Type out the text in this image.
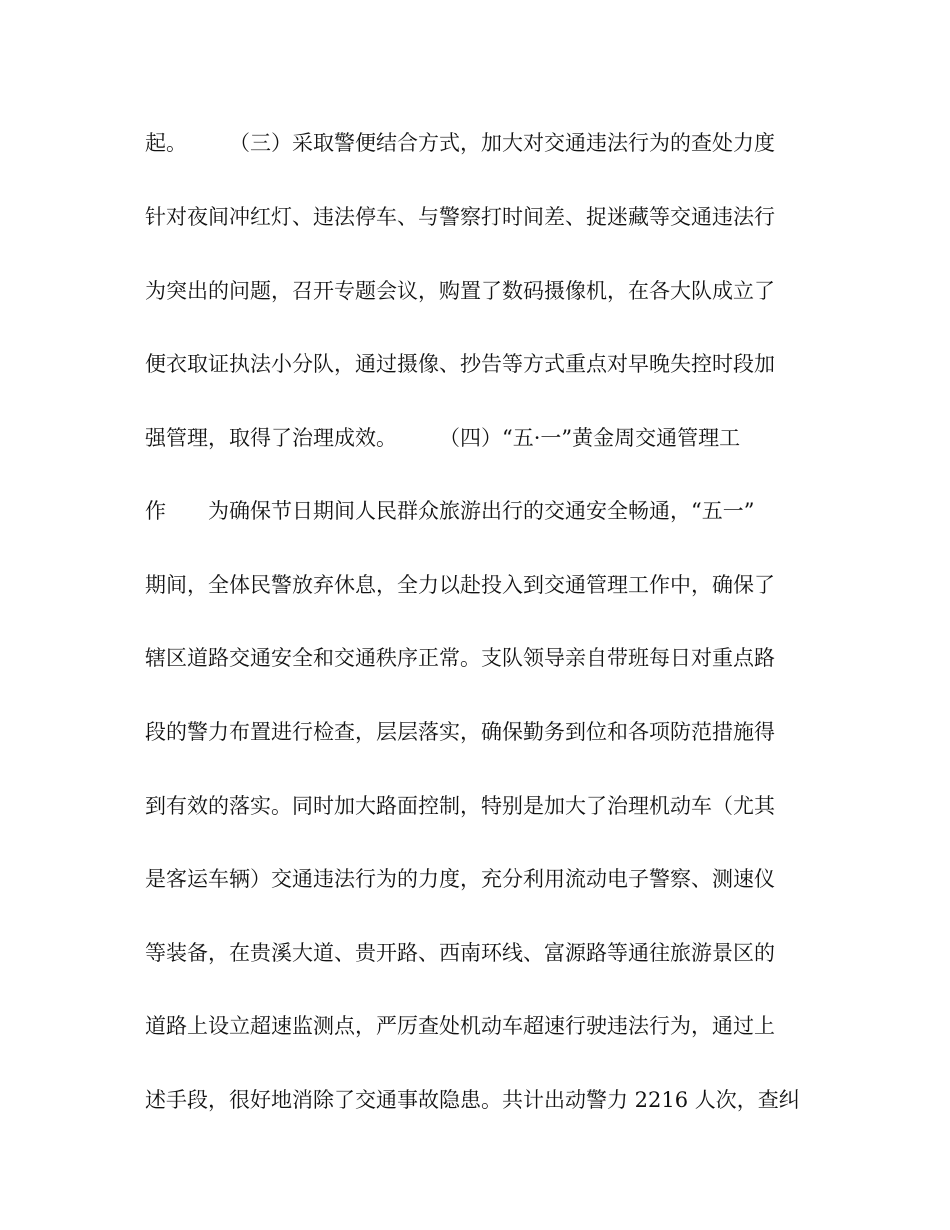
起。　　　（三）采取警便结合方式，加大对交通违法行为的查处力度
针对夜间冲红灯、违法停车、与警察打时间差、捉迷藏等交通违法行
为突出的问题，召开专题会议，购置了数码摄像机，在各大队成立了
便衣取证执法小分队，通过摄像、抄告等方式重点对早晚失控时段加
强管理，取得了治理成效。　　　（四）“五·一”黄金周交通管理工
作　　为确保节日期间人民群众旅游出行的交通安全畅通，“五一”
期间，全体民警放弃休息，全力以赴投入到交通管理工作中，确保了
辖区道路交通安全和交通秩序正常。支队领导亲自带班每日对重点路
段的警力布置进行检查，层层落实，确保勤务到位和各项防范措施得
到有效的落实。同时加大路面控制，特别是加大了治理机动车（尤其
是客运车辆）交通违法行为的力度，充分利用流动电子警察、测速仪
等装备，在贵溪大道、贵开路、西南环线、富源路等通往旅游景区的
道路上设立超速监测点，严厉查处机动车超速行驶违法行为，通过上
述手段，很好地消除了交通事故隐患。共计出动警力 2216 人次，查纠
